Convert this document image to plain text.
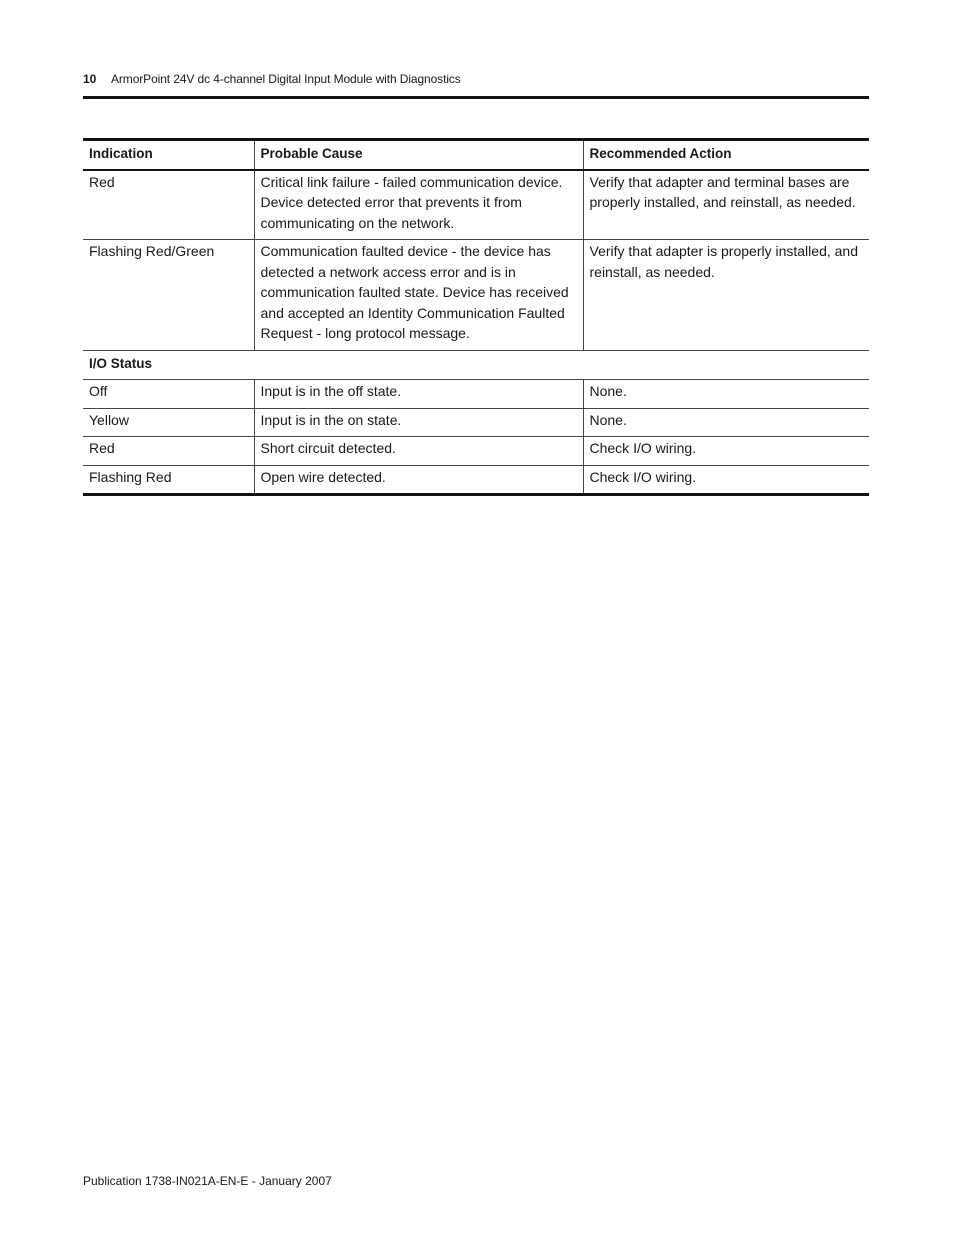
10	ArmorPoint 24V dc 4-channel Digital Input Module with Diagnostics
Indication	Probable Cause	Recommended Action
Red	Critical link failure - failed communication device. Device detected error that prevents it from communicating on the network.	Verify that adapter and terminal bases are properly installed, and reinstall, as needed.
Flashing Red/Green	Communication faulted device - the device has detected a network access error and is in communication faulted state. Device has received and accepted an Identity Communication Faulted Request - long protocol message.	Verify that adapter is properly installed, and reinstall, as needed.
I/O Status		
Off	Input is in the off state.	None.
Yellow	Input is in the on state.	None.
Red	Short circuit detected.	Check I/O wiring.
Flashing Red	Open wire detected.	Check I/O wiring.
Publication 1738-IN021A-EN-E - January 2007
